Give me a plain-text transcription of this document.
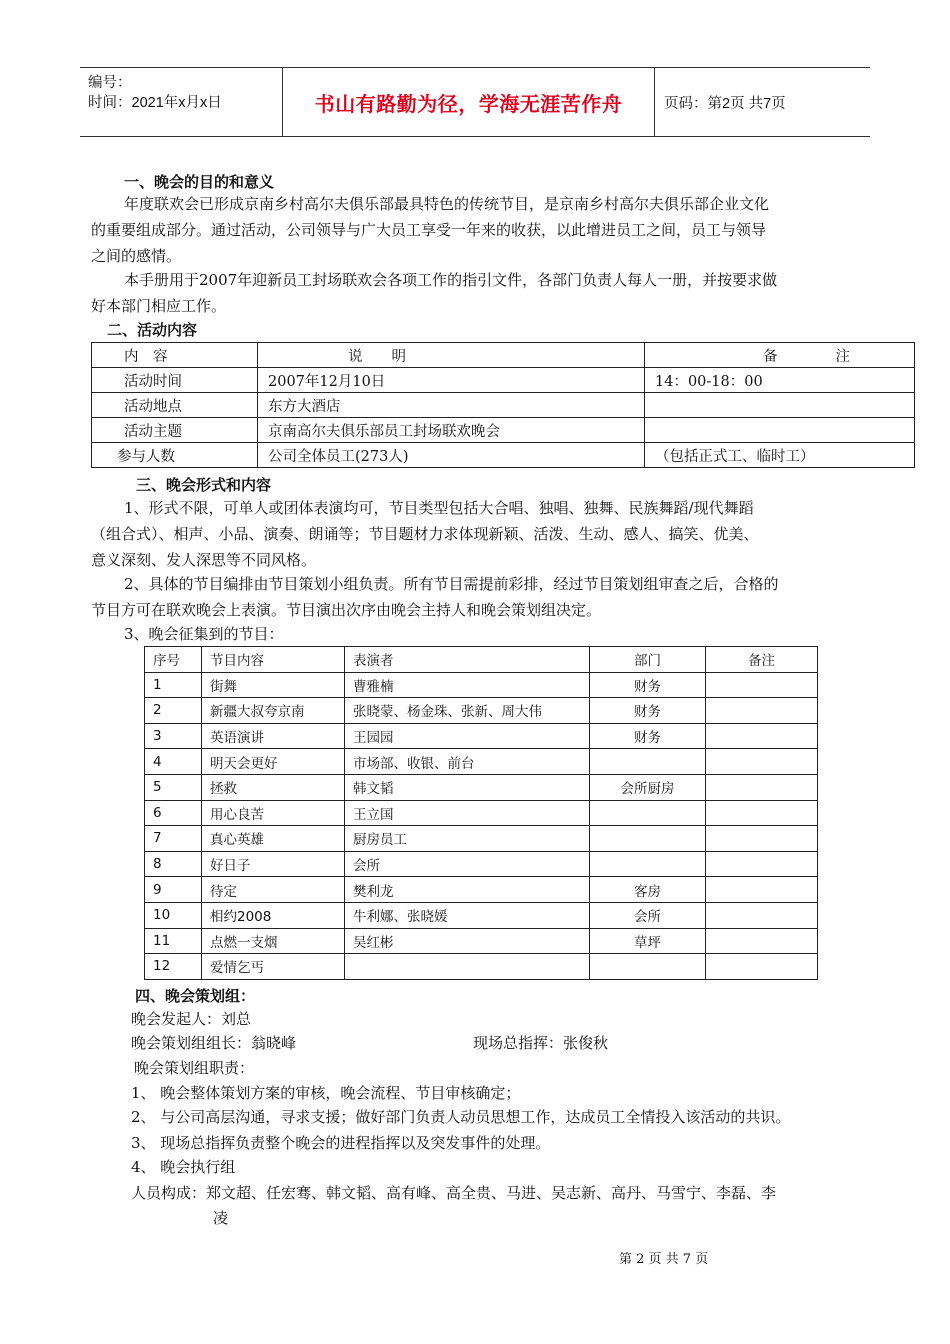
编号：
时间：2021年x月x日	书山有路勤为径，学海无涯苦作舟	页码：第2页 共7页
一、晚会的目的和意义
年度联欢会已形成京南乡村高尔夫俱乐部最具特色的传统节目，是京南乡村高尔夫俱乐部企业文化
的重要组成部分。通过活动，公司领导与广大员工享受一年来的收获，以此增进员工之间，员工与领导
之间的感情。
本手册用于2007年迎新员工封场联欢会各项工作的指引文件，各部门负责人每人一册，并按要求做
好本部门相应工作。
二、活动内容
内　容	说　　明	备　　　　注
活动时间	2007年12月10日	14：00-18：00
活动地点	东方大酒店	
活动主题	京南高尔夫俱乐部员工封场联欢晚会	
参与人数	公司全体员工(273人)	（包括正式工、临时工）
三、晚会形式和内容
1、形式不限，可单人或团体表演均可，节目类型包括大合唱、独唱、独舞、民族舞蹈/现代舞蹈
（组合式）、相声、小品、演奏、朗诵等；节目题材力求体现新颖、活泼、生动、感人、搞笑、优美、
意义深刻、发人深思等不同风格。
2、具体的节目编排由节目策划小组负责。所有节目需提前彩排，经过节目策划组审查之后，合格的
节目方可在联欢晚会上表演。节目演出次序由晚会主持人和晚会策划组决定。
3、晚会征集到的节目：
序号	节目内容	表演者	部门	备注
1	街舞	曹雅楠	财务	
2	新疆大叔夸京南	张晓蒙、杨金珠、张新、周大伟	财务	
3	英语演讲	王园园	财务	
4	明天会更好	市场部、收银、前台		
5	拯救	韩文韬	会所厨房	
6	用心良苦	王立国		
7	真心英雄	厨房员工		
8	好日子	会所		
9	待定	樊利龙	客房	
10	相约2008	牛利娜、张晓媛	会所	
11	点燃一支烟	吴红彬	草坪	
12	爱情乞丐			
四、晚会策划组：
晚会发起人：刘总
晚会策划组组长：翁晓峰	现场总指挥：张俊秋
晚会策划组职责：
1、 晚会整体策划方案的审核，晚会流程、节目审核确定；
2、 与公司高层沟通，寻求支援；做好部门负责人动员思想工作，达成员工全情投入该活动的共识。
3、 现场总指挥负责整个晚会的进程指挥以及突发事件的处理。
4、 晚会执行组
人员构成：郑文超、任宏骞、韩文韬、高有峰、高全贵、马进、吴志新、高丹、马雪宁、李磊、李
凌
第 2 页 共 7 页
